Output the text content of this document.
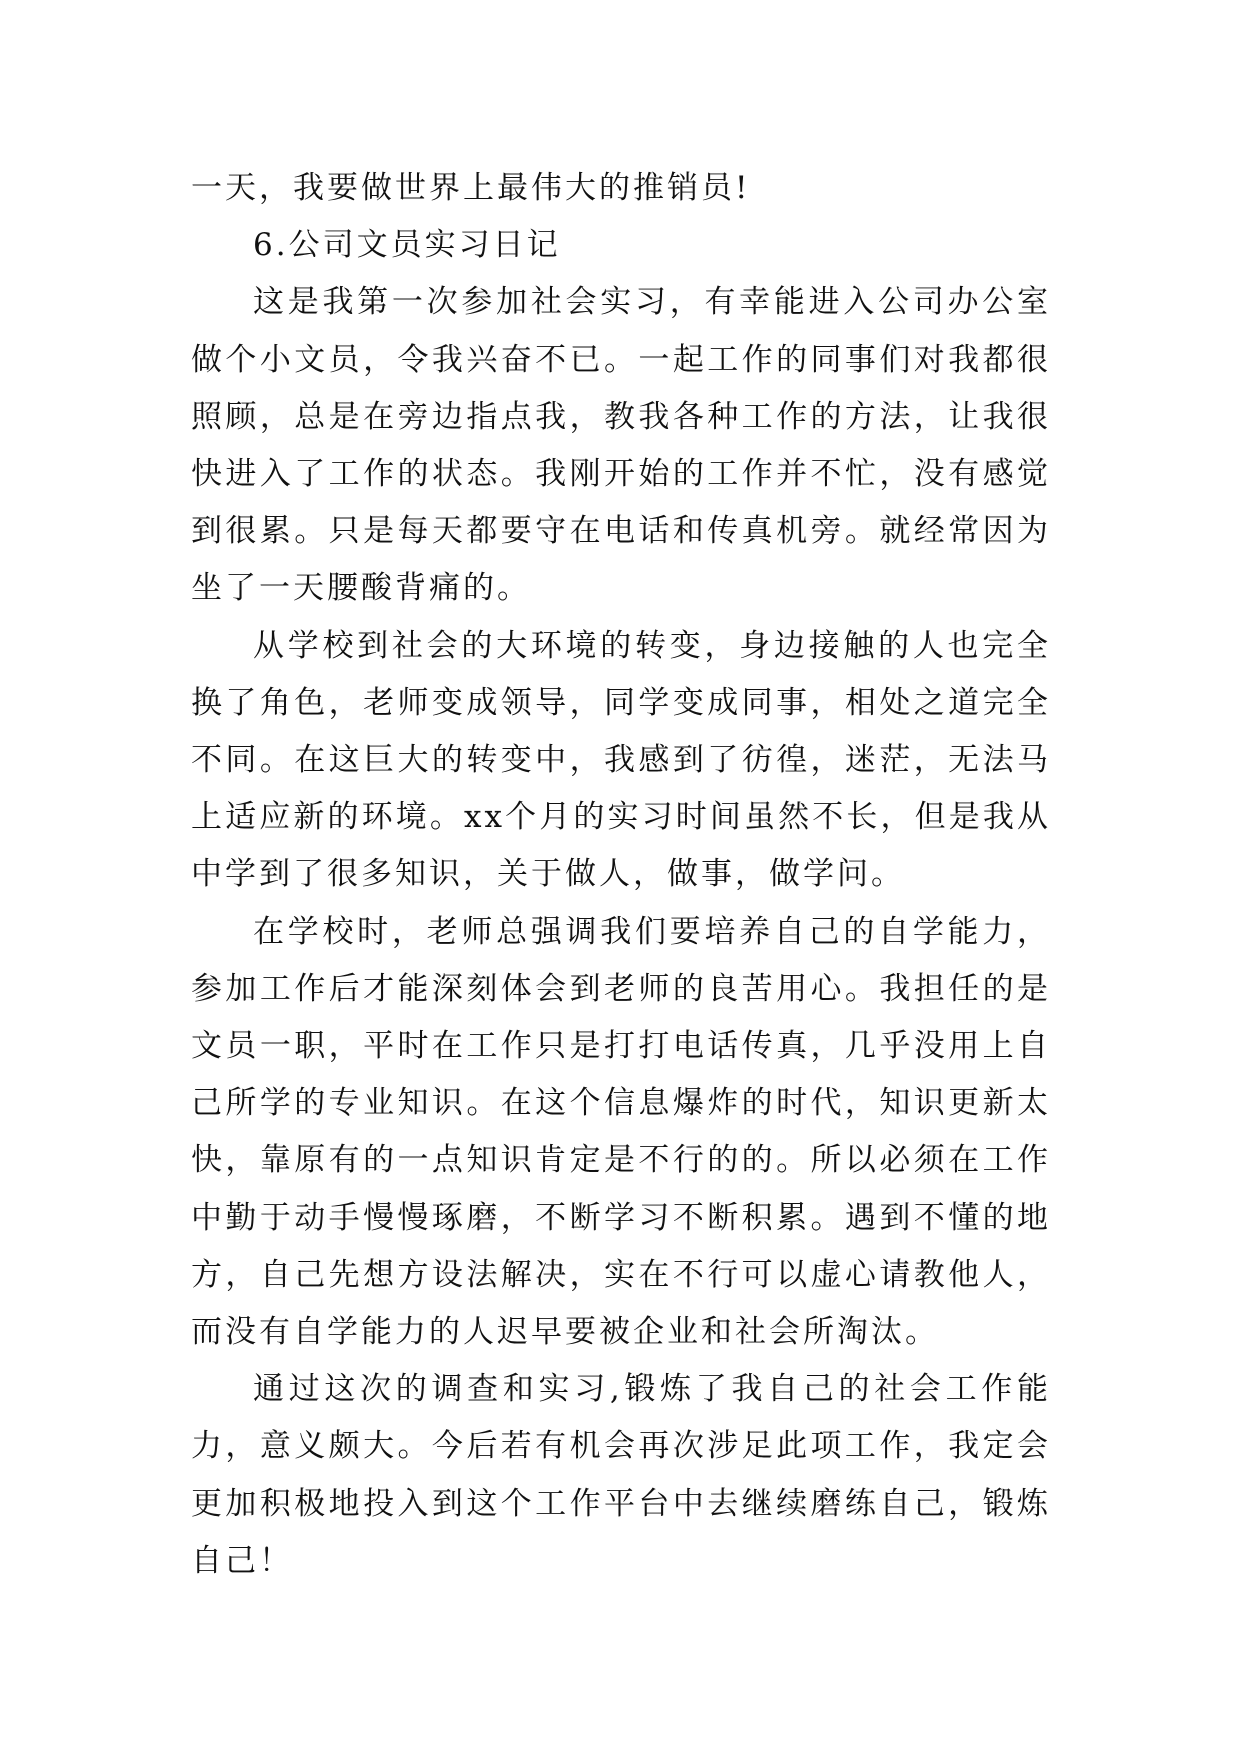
一天，我要做世界上最伟大的推销员!

6.公司文员实习日记

这是我第一次参加社会实习，有幸能进入公司办公室做个小文员，令我兴奋不已。一起工作的同事们对我都很照顾，总是在旁边指点我，教我各种工作的方法，让我很快进入了工作的状态。我刚开始的工作并不忙，没有感觉到很累。只是每天都要守在电话和传真机旁。就经常因为坐了一天腰酸背痛的。

从学校到社会的大环境的转变，身边接触的人也完全换了角色，老师变成领导，同学变成同事，相处之道完全不同。在这巨大的转变中，我感到了彷徨，迷茫，无法马上适应新的环境。xx个月的实习时间虽然不长，但是我从中学到了很多知识，关于做人，做事，做学问。

在学校时，老师总强调我们要培养自己的自学能力，参加工作后才能深刻体会到老师的良苦用心。我担任的是文员一职，平时在工作只是打打电话传真，几乎没用上自己所学的专业知识。在这个信息爆炸的时代，知识更新太快，靠原有的一点知识肯定是不行的的。所以必须在工作中勤于动手慢慢琢磨，不断学习不断积累。遇到不懂的地方，自己先想方设法解决，实在不行可以虚心请教他人，而没有自学能力的人迟早要被企业和社会所淘汰。

通过这次的调查和实习,锻炼了我自己的社会工作能力，意义颇大。今后若有机会再次涉足此项工作，我定会更加积极地投入到这个工作平台中去继续磨练自己，锻炼自己！
